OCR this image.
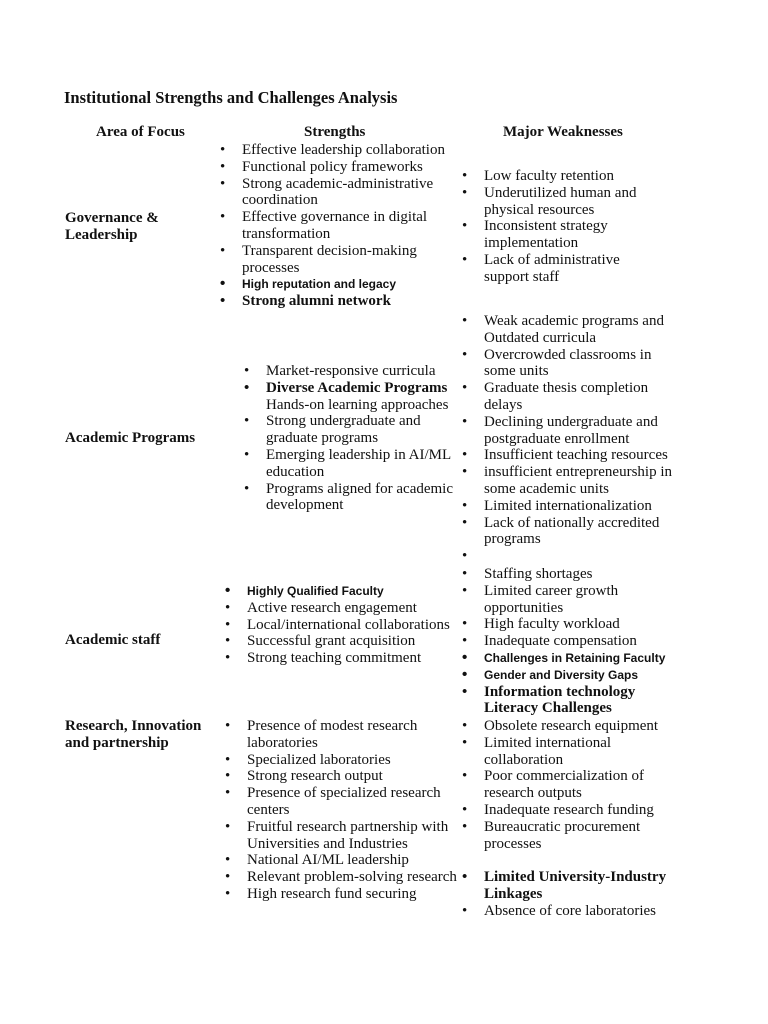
Institutional Strengths and Challenges Analysis
Area of Focus	Strengths	Major Weaknesses
Governance & Leadership
• Effective leadership collaboration
• Functional policy frameworks
• Strong academic-administrative coordination
• Effective governance in digital transformation
• Transparent decision-making processes
• High reputation and legacy
• Strong alumni network
• Low faculty retention
• Underutilized human and physical resources
• Inconsistent strategy implementation
• Lack of administrative support staff
Academic Programs
• Market-responsive curricula
• Diverse Academic Programs
Hands-on learning approaches
• Strong undergraduate and graduate programs
• Emerging leadership in AI/ML education
• Programs aligned for academic development
• Weak academic programs and Outdated curricula
• Overcrowded classrooms in some units
• Graduate thesis completion delays
• Declining undergraduate and postgraduate enrollment
• Insufficient teaching resources
• insufficient entrepreneurship in some academic units
• Limited internationalization
• Lack of nationally accredited programs
•
Academic staff
• Highly Qualified Faculty
• Active research engagement
• Local/international collaborations
• Successful grant acquisition
• Strong teaching commitment
• Staffing shortages
• Limited career growth opportunities
• High faculty workload
• Inadequate compensation
• Challenges in Retaining Faculty
• Gender and Diversity Gaps
• Information technology Literacy Challenges
Research, Innovation and partnership
• Presence of modest research laboratories
• Specialized laboratories
• Strong research output
• Presence of specialized research centers
• Fruitful research partnership with Universities and Industries
• National AI/ML leadership
• Relevant problem-solving research
• High research fund securing
• Obsolete research equipment
• Limited international collaboration
• Poor commercialization of research outputs
• Inadequate research funding
• Bureaucratic procurement processes
• Limited University-Industry Linkages
• Absence of core laboratories
